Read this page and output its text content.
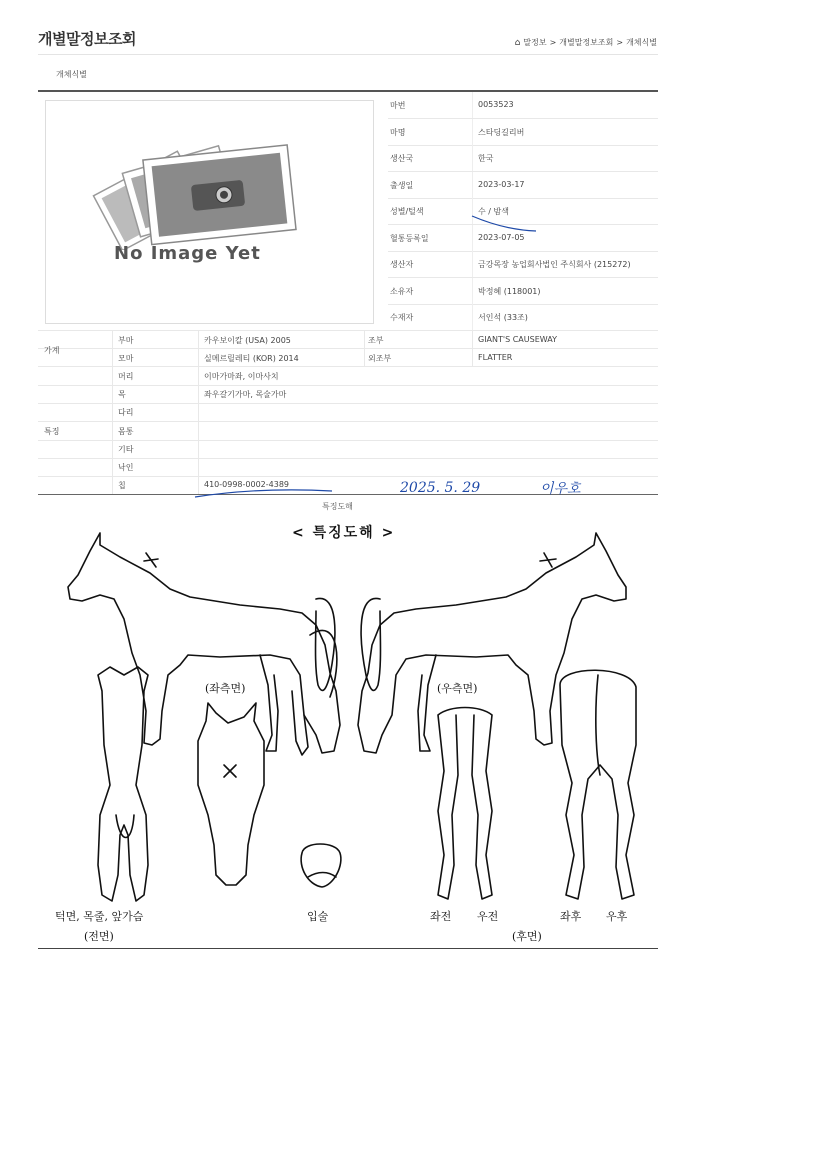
개별말정보조회	⌂ 말정보 > 개별말정보조회 > 개체식별
개체식별
No Image Yet
마번	0053523
마명	스타딩길리버
생산국	한국
출생일	2023-03-17
성별/털색	수 / 밤색
혈통등록일	2023-07-05
생산자	금강목장 농업회사법인 주식회사 (215272)
소유자	박정혜 (118001)
수재자	서인석 (33조)
가계
부마	카우보이칼 (USA) 2005	조부	GIANT'S CAUSEWAY
모마	실메르릴레티 (KOR) 2014	외조부	FLATTER
특징
머리	이마가마좌, 이마사치
목	좌우갈기가마, 목술가마
다리
몸통
기타
낙인
칩	410-0998-0002-4389
특징도해
2025. 5. 29	이우호
< 특징도해 >
(좌측면)	(우측면)
턱면, 목줄, 앞가슴
(전면)
입술	좌전 우전	좌후 우후
(후면)
